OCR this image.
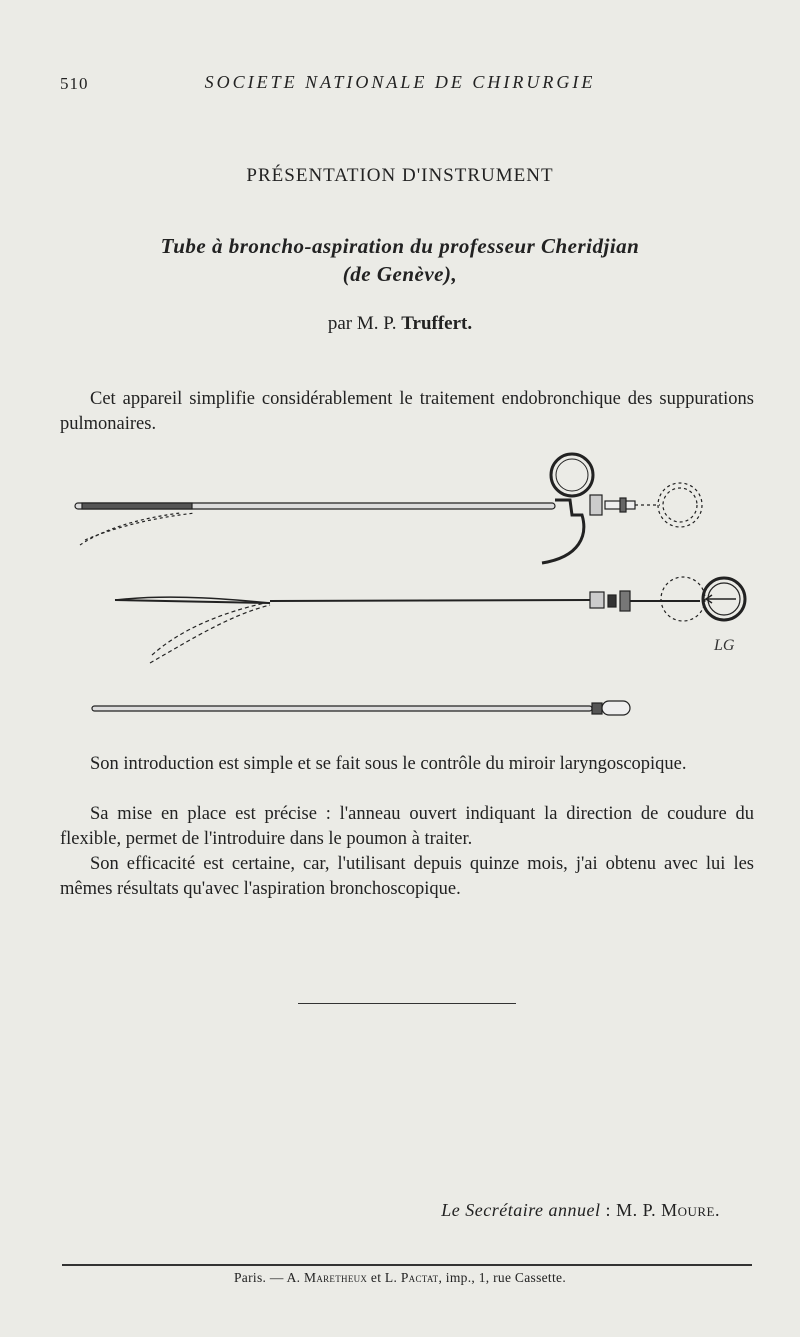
510	SOCIETE NATIONALE DE CHIRURGIE
PRÉSENTATION D'INSTRUMENT
Tube à broncho-aspiration du professeur Cheridjian
(de Genève),
par M. P. Truffert.
Cet appareil simplifie considérablement le traitement endobronchique des suppurations pulmonaires.
LG
Son introduction est simple et se fait sous le contrôle du miroir laryngoscopique.
Sa mise en place est précise : l'anneau ouvert indiquant la direction de coudure du flexible, permet de l'introduire dans le poumon à traiter.
Son efficacité est certaine, car, l'utilisant depuis quinze mois, j'ai obtenu avec lui les mêmes résultats qu'avec l'aspiration bronchoscopique.
Le Secrétaire annuel : M. P. Moure.
Paris. — A. Maretheux et L. Pactat, imp., 1, rue Cassette.
